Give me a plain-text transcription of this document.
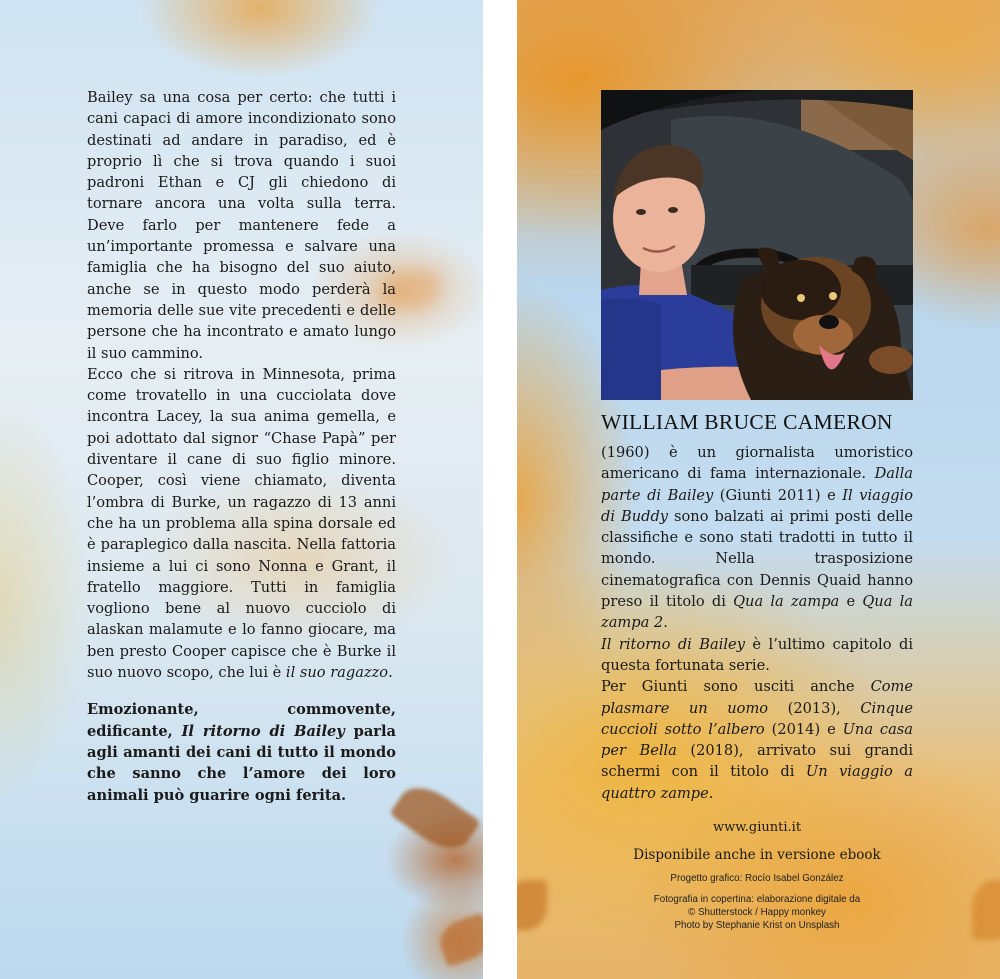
Bailey sa una cosa per certo: che tutti i cani capaci di amore incondizionato sono destinati ad andare in paradiso, ed è proprio lì che si trova quando i suoi padroni Ethan e CJ gli chiedono di tornare ancora una volta sulla terra. Deve farlo per mantenere fede a un’importante promessa e salvare una famiglia che ha bisogno del suo aiuto, anche se in questo modo perderà la memoria delle sue vite precedenti e delle persone che ha incontrato e amato lungo il suo cammino.

Ecco che si ritrova in Minnesota, prima come trovatello in una cucciolata dove incontra Lacey, la sua anima gemella, e poi adottato dal signor “Chase Papà” per diventare il cane di suo figlio minore. Cooper, così viene chiamato, diventa l’ombra di Burke, un ragazzo di 13 anni che ha un problema alla spina dorsale ed è paraplegico dalla nascita. Nella fattoria insieme a lui ci sono Nonna e Grant, il fratello maggiore. Tutti in famiglia vogliono bene al nuovo cucciolo di alaskan malamute e lo fanno giocare, ma ben presto Cooper capisce che è Burke il suo nuovo scopo, che lui è il suo ragazzo.

Emozionante, commovente, edificante, Il ritorno di Bailey parla agli amanti dei cani di tutto il mondo che sanno che l’amore dei loro animali può guarire ogni ferita.

WILLIAM BRUCE CAMERON

(1960) è un giornalista umoristico americano di fama internazionale. Dalla parte di Bailey (Giunti 2011) e Il viaggio di Buddy sono balzati ai primi posti delle classifiche e sono stati tradotti in tutto il mondo. Nella trasposizione cinematografica con Dennis Quaid hanno preso il titolo di Qua la zampa e Qua la zampa 2.

Il ritorno di Bailey è l’ultimo capitolo di questa fortunata serie.

Per Giunti sono usciti anche Come plasmare un uomo (2013), Cinque cuccioli sotto l’albero (2014) e Una casa per Bella (2018), arrivato sui grandi schermi con il titolo di Un viaggio a quattro zampe.

www.giunti.it
Disponibile anche in versione ebook
Progetto grafico: Rocío Isabel González
Fotografia in copertina: elaborazione digitale da
© Shutterstock / Happy monkey
Photo by Stephanie Krist on Unsplash
